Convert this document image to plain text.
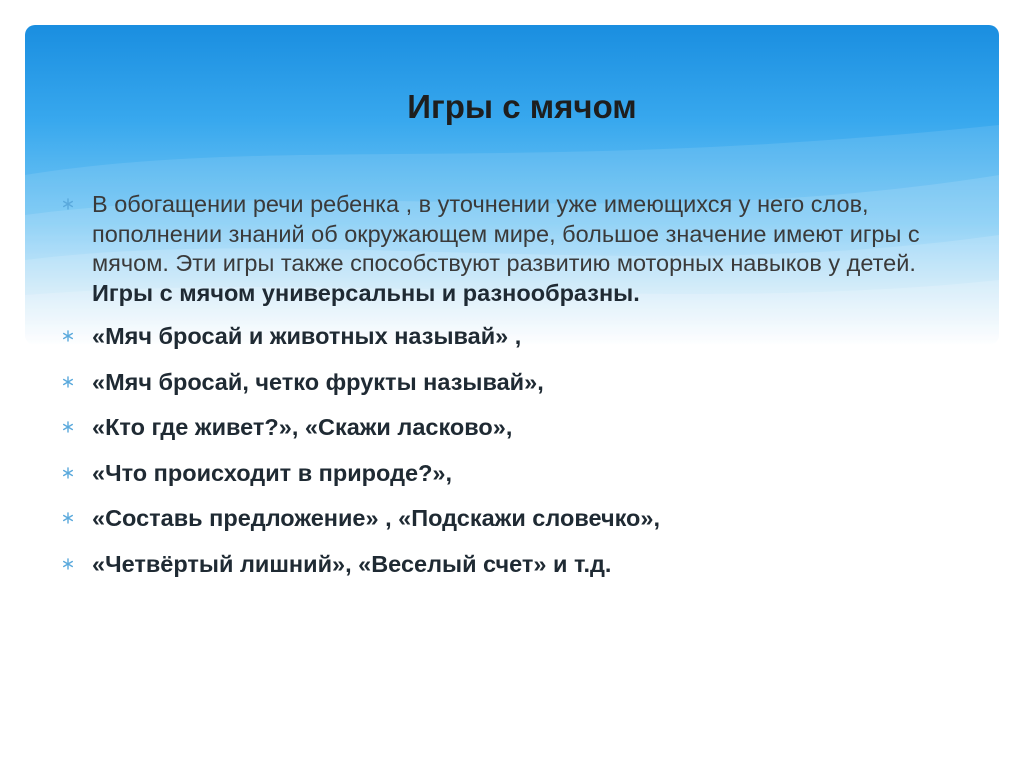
Игры с мячом
В обогащении речи ребенка , в уточнении уже имеющихся у него слов, пополнении знаний об окружающем мире, большое значение имеют игры с мячом. Эти игры также способствуют развитию моторных навыков у детей. Игры с мячом универсальны и разнообразны.
«Мяч бросай и животных называй» ,
«Мяч бросай, четко фрукты называй»,
«Кто где живет?», «Скажи ласково»,
«Что происходит в природе?»,
«Составь предложение» , «Подскажи словечко»,
«Четвёртый лишний», «Веселый счет» и т.д.
